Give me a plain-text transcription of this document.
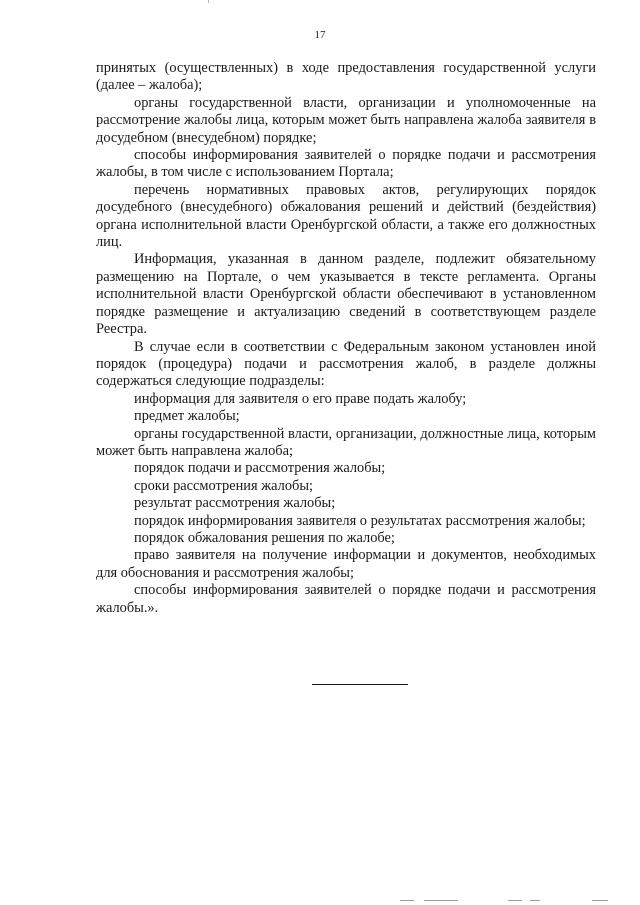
17

принятых (осуществленных) в ходе предоставления государственной услуги (далее – жалоба);

органы государственной власти, организации и уполномоченные на рассмотрение жалобы лица, которым может быть направлена жалоба заявителя в досудебном (внесудебном) порядке;

способы информирования заявителей о порядке подачи и рассмотрения жалобы, в том числе с использованием Портала;

перечень нормативных правовых актов, регулирующих порядок досудебного (внесудебного) обжалования решений и действий (бездействия) органа исполнительной власти Оренбургской области, а также его должностных лиц.

Информация, указанная в данном разделе, подлежит обязательному размещению на Портале, о чем указывается в тексте регламента. Органы исполнительной власти Оренбургской области обеспечивают в установленном порядке размещение и актуализацию сведений в соответствующем разделе Реестра.

В случае если в соответствии с Федеральным законом установлен иной порядок (процедура) подачи и рассмотрения жалоб, в разделе должны содержаться следующие подразделы:

информация для заявителя о его праве подать жалобу;

предмет жалобы;

органы государственной власти, организации, должностные лица, которым может быть направлена жалоба;

порядок подачи и рассмотрения жалобы;

сроки рассмотрения жалобы;

результат рассмотрения жалобы;

порядок информирования заявителя о результатах рассмотрения жалобы;

порядок обжалования решения по жалобе;

право заявителя на получение информации и документов, необходимых для обоснования и рассмотрения жалобы;

способы информирования заявителей о порядке подачи и рассмотрения жалобы.».
